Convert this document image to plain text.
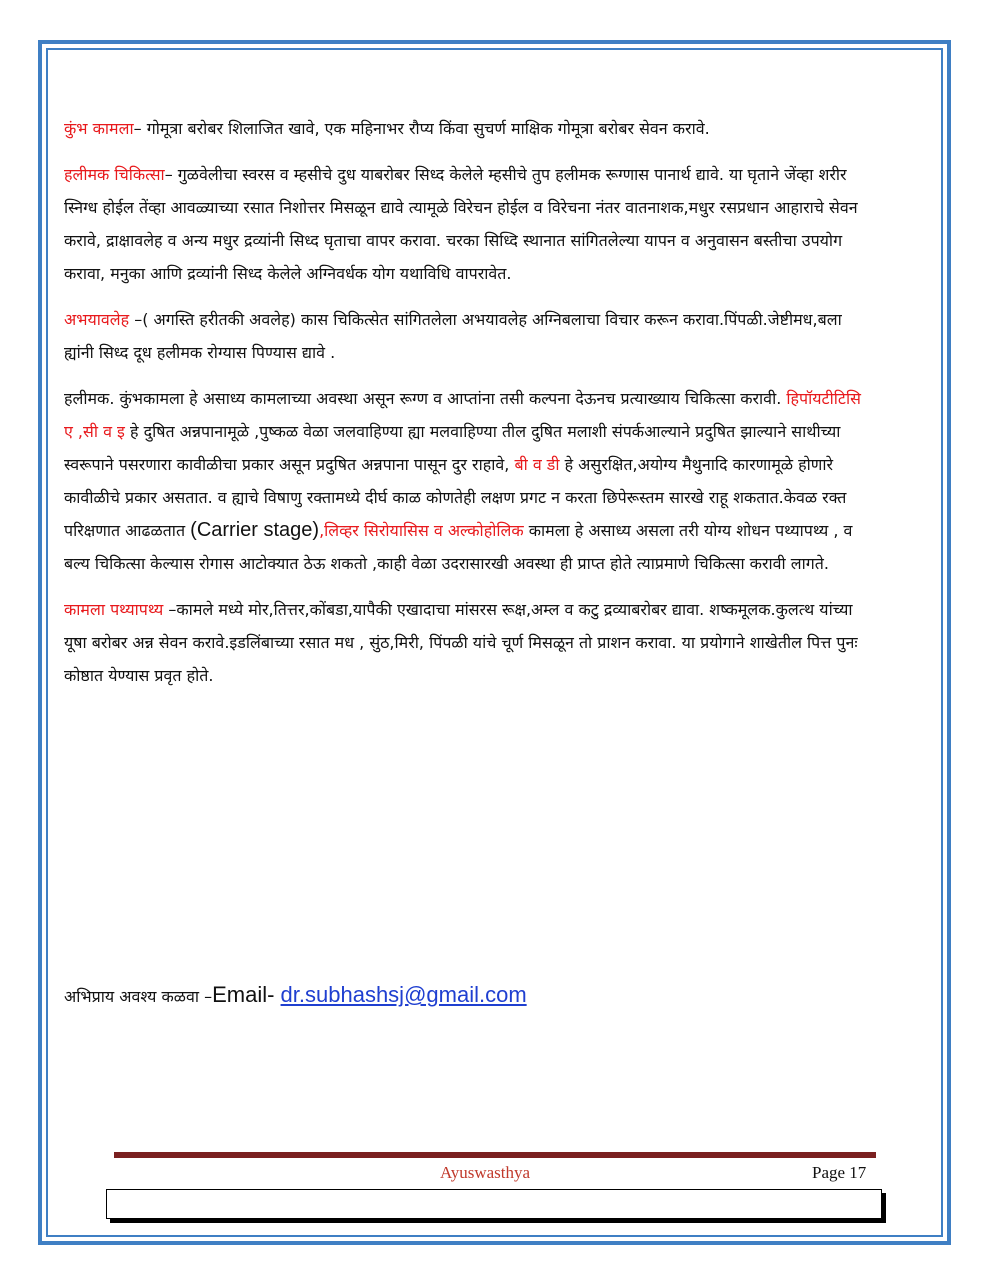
कुंभ कामला– गोमूत्रा बरोबर शिलाजित खावे, एक महिनाभर रौप्य किंवा सुचर्ण माक्षिक गोमूत्रा बरोबर सेवन करावे.

हलीमक चिकित्सा– गुळवेलीचा स्वरस व म्हसीचे दुध याबरोबर सिध्द केलेले म्हसीचे तुप हलीमक रूग्णास पानार्थ द्यावे. या घृताने जेंव्हा शरीर स्निग्ध होईल तेंव्हा आवळ्याच्या रसात निशोत्तर मिसळून द्यावे त्यामूळे विरेचन होईल व विरेचना नंतर वातनाशक,मधुर रसप्रधान आहाराचे सेवन करावे, द्राक्षावलेह व अन्य मधुर द्रव्यांनी सिध्द घृताचा वापर करावा. चरका सिध्दि स्थानात सांगितलेल्या यापन व अनुवासन बस्तीचा उपयोग करावा, मनुका आणि द्रव्यांनी सिध्द केलेले अग्निवर्धक योग यथाविधि वापरावेत.

अभयावलेह –( अगस्ति हरीतकी अवलेह) कास चिकित्सेत सांगितलेला अभयावलेह अग्निबलाचा विचार करून करावा.पिंपळी.जेष्टीमध,बला ह्यांनी सिध्द दूध हलीमक रोग्यास पिण्यास द्यावे .

हलीमक. कुंभकामला हे असाध्य कामलाच्या अवस्था असून रूग्ण व आप्तांना तसी कल्पना देऊनच प्रत्याख्याय चिकित्सा करावी. हिपॉयटीटिसि ए ,सी व इ हे दुषित अन्नपानामूळे ,पुष्कळ वेळा जलवाहिण्या ह्या मलवाहिण्या तील दुषित मलाशी संपर्कआल्याने प्रदुषित झाल्याने साथीच्या स्वरूपाने पसरणारा कावीळीचा प्रकार असून प्रदुषित अन्नपाना पासून दुर राहावे, बी व डी हे असुरक्षित,अयोग्य मैथुनादि कारणामूळे होणारे कावीळीचे प्रकार असतात. व ह्याचे विषाणु रक्तामध्ये दीर्घ काळ कोणतेही लक्षण प्रगट न करता छिपेरूस्तम सारखे राहू शकतात.केवळ रक्त परिक्षणात आढळतात (Carrier stage),लिव्हर सिरोयासिस व अल्कोहोलिक कामला हे असाध्य असला तरी योग्य शोधन पथ्यापथ्य , व बल्य चिकित्सा केल्यास रोगास आटोक्यात ठेऊ शकतो ,काही वेळा उदरासारखी अवस्था ही प्राप्त होते त्याप्रमाणे चिकित्सा करावी लागते.

कामला पथ्यापथ्य –कामले मध्ये मोर,तित्तर,कोंबडा,यापैकी एखादाचा मांसरस रूक्ष,अम्ल व कटु द्रव्याबरोबर द्यावा. शष्कमूलक.कुलत्थ यांच्या यूषा बरोबर अन्न सेवन करावे.इडलिंबाच्या रसात मध , सुंठ,मिरी, पिंपळी यांचे चूर्ण मिसळून तो प्राशन करावा. या प्रयोगाने शाखेतील पित्त पुनः कोष्ठात येण्यास प्रवृत होते.

अभिप्राय अवश्य कळवा –Email- dr.subhashsj@gmail.com
Ayuswasthya	Page 17
